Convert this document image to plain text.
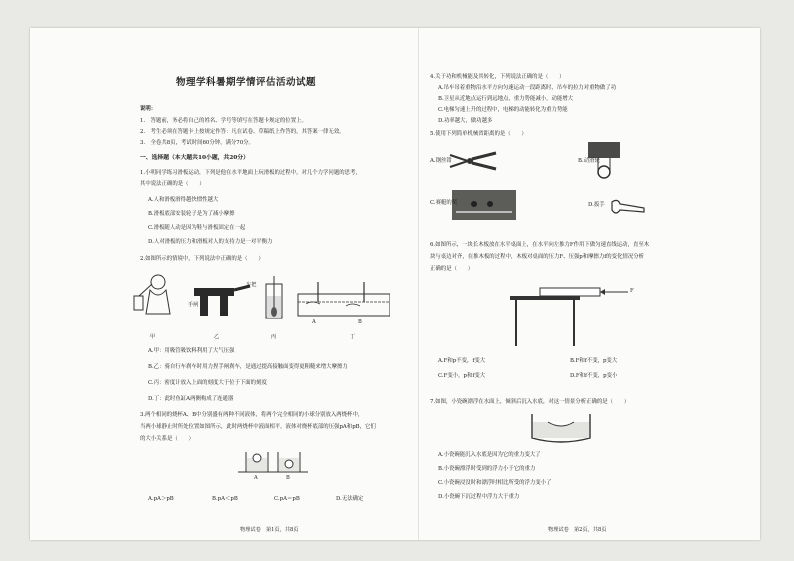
物理学科暑期学情评估活动试题
说明：
1.　答题前，务必将自己的姓名、学号等填写在答题卡规定的位置上。
2.　考生必须在答题卡上按规定作答：凡在试卷、草稿纸上作答的，其答案一律无效。
3.　全卷共8页，考试时间60分钟，满分70分。
一、选择题（本大题共10小题，共20分）
1.小明同学练习滑板运动，下列是他在水平地面上玩滑板的过程中，对几个力学问题的思考，
其中说法正确的是（　　）
A.人和滑板滑得越快惯性越大
B.滑板底部安装轮子是为了减小摩擦
C.滑板随人动是因为鞋与滑板固定在一起
D.人对滑板的压力和滑板对人的支持力是一对平衡力
2.如图所示的情境中，下列说法中正确的是（　　）
手闸
车把
A	B
甲	乙	丙	丁
A.甲：用吸管吸饮料利用了大气压强
B.乙：骑自行车刹车时用力捏手闸刹车，是通过提高接触面变得更粗糙来增大摩擦力
C.丙：密度计放入上面的刻度大于位于下面的刻度
D.丁：此时鱼缸A两侧构成了连通器
3.两个相同的烧杯A、B中分别盛有两种不同液体，将两个完全相同的小球分别放入两烧杯中，
当两小球静止时所处位置如图所示，此时两烧杯中液面相平，液体对烧杯底部的压强pA和pB，它们
的大小关系是（　　）
A	B
A.pA＞pB	B.pA＜pB	C.pA＝pB	D.无法确定
物理试卷　第1页，共8页
4.关于功和机械能及其转化，下列说法正确的是（　　）
A.吊车吊着重物沿水平方向匀速运动一段距离时，吊车的拉力对重物做了功
B.卫星从近地点运行到远地点，重力势能减小，动能增大
C.电梯匀速上升的过程中，电梯的动能转化为重力势能
D.功率越大，做功越多
5.使用下列简单机械省距离的是（　　）
A.钢丝钳	B.动滑轮
C.赛艇的桨	D.扳手
6.如图所示，一块长木板放在水平桌面上，在水平向左推力F作用下做匀速直线运动，直至木
块与桌边对齐，在推木板的过程中，木板对桌面的压力F、压强p和摩擦力f的变化情况分析
正确的是（　　）
F
A.F和p不变，f变大	B.F和f不变，p变大
C.F变小，p和f变大	D.F和f不变，p变小
7.如图，小瓷碗漂浮在水面上，倾斜后沉入水底，对这一情景分析正确的是（　　）
A.小瓷碗能沉入水底是因为它的重力变大了
B.小瓷碗漂浮时受到的浮力小于它的重力
C.小瓷碗浸没时和漂浮时相比所受的浮力变小了
D.小瓷碗下沉过程中浮力大于重力
物理试卷　第2页，共8页
